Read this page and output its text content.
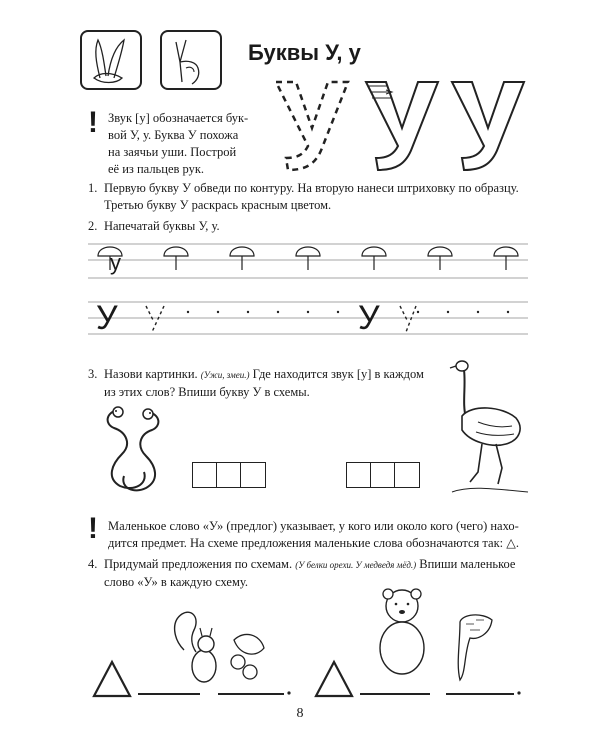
Буквы У, у
! Звук [у] обозначается бук-
вой У, у. Буква У похожа
на заячьи уши. Построй
её из пальцев рук.
1. Первую букву У обведи по контуру. На вторую нанеси штриховку по образцу.
Третью букву У раскрась красным цветом.
2. Напечатай буквы У, у.
у
У	У
3. Назови картинки. (Ужи, змеи.) Где находится звук [у] в каждом
из этих слов? Впиши букву У в схемы.
! Маленькое слово «У» (предлог) указывает, у кого или около кого (чего) нахо-
дится предмет. На схеме предложения маленькие слова обозначаются так: △.
4. Придумай предложения по схемам. (У белки орехи. У медведя мёд.) Впиши маленькое
слово «У» в каждую схему.
8
